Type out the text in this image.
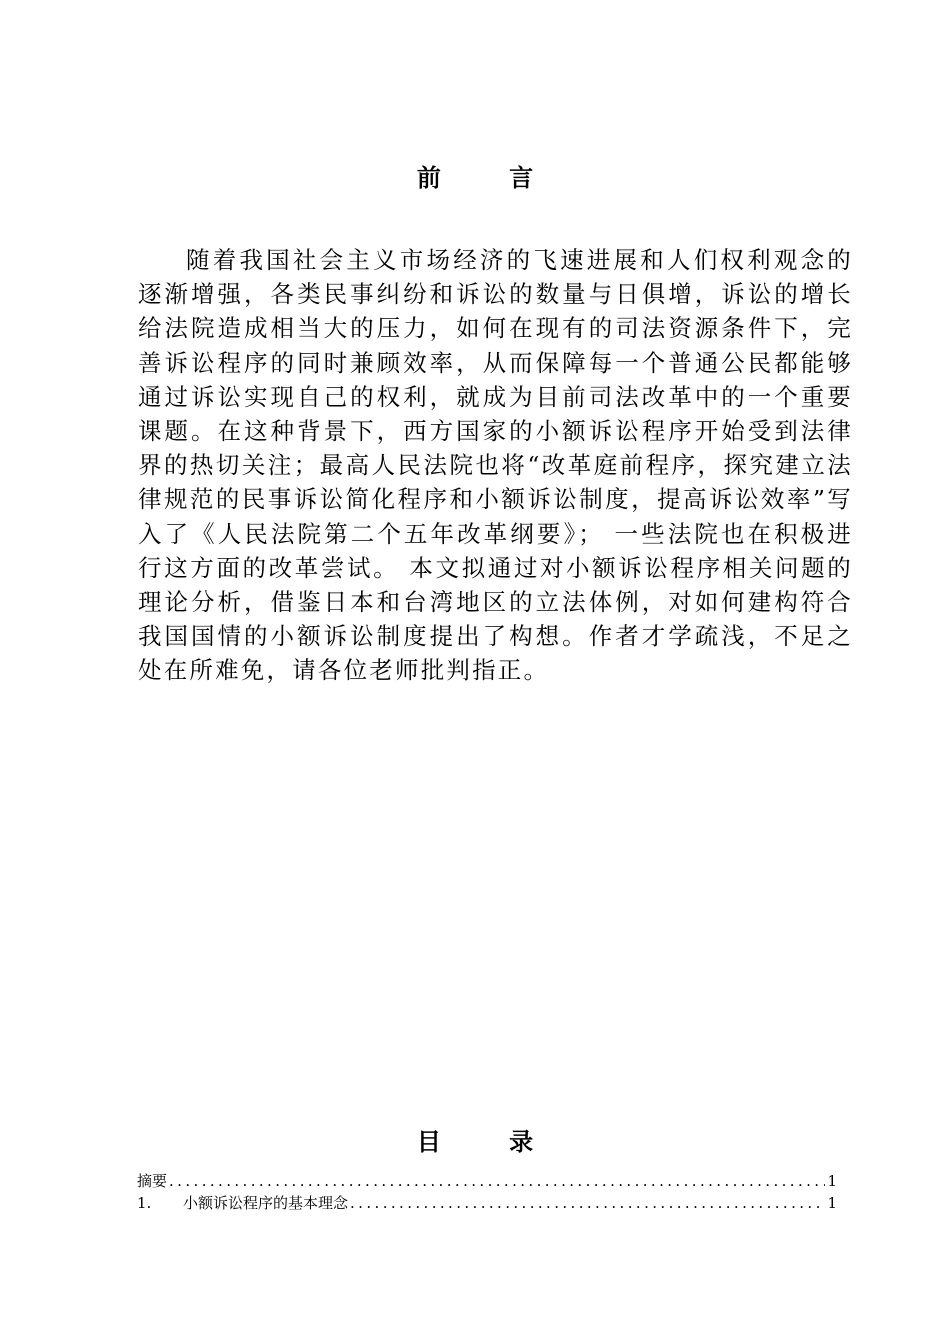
前 言

随着我国社会主义市场经济的飞速进展和人们权利观念的逐渐增强，各类民事纠纷和诉讼的数量与日俱增，诉讼的增长给法院造成相当大的压力，如何在现有的司法资源条件下，完善诉讼程序的同时兼顾效率，从而保障每一个普通公民都能够通过诉讼实现自己的权利，就成为目前司法改革中的一个重要课题。在这种背景下，西方国家的小额诉讼程序开始受到法律界的热切关注；最高人民法院也将“改革庭前程序，探究建立法律规范的民事诉讼简化程序和小额诉讼制度，提高诉讼效率”写入了《人民法院第二个五年改革纲要》； 一些法院也在积极进行这方面的改革尝试。 本文拟通过对小额诉讼程序相关问题的理论分析，借鉴日本和台湾地区的立法体例，对如何建构符合我国国情的小额诉讼制度提出了构想。作者才学疏浅，不足之处在所难免，请各位老师批判指正。

目 录
摘要 .....	1
1.	小额诉讼程序的基本理念 .....	1
